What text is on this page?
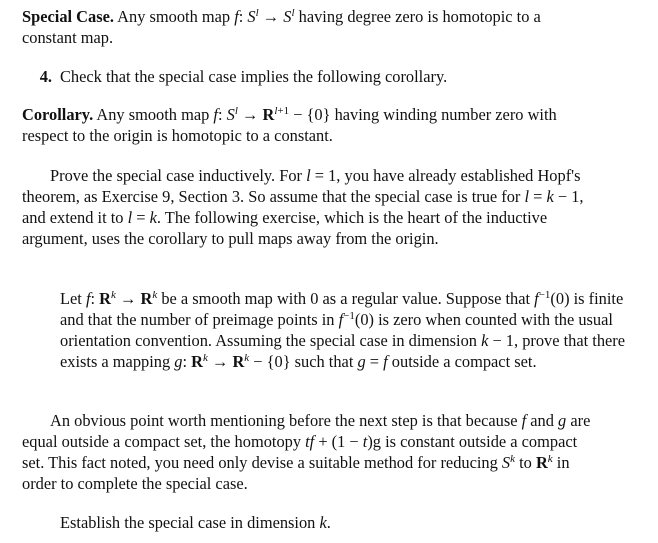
Special Case. Any smooth map f: $S^l \to S^l$ having degree zero is homotopic to a constant map.

4. Check that the special case implies the following corollary.

Corollary. Any smooth map f: $S^l \to R^{l+1} - \{0\}$ having winding number zero with respect to the origin is homotopic to a constant.

Prove the special case inductively. For l = 1, you have already established Hopf's theorem, as Exercise 9, Section 3. So assume that the special case is true for l = k − 1, and extend it to l = k. The following exercise, which is the heart of the inductive argument, uses the corollary to pull maps away from the origin.

Let f: $R^k \to R^k$ be a smooth map with 0 as a regular value. Suppose that $f^{-1}(0)$ is finite and that the number of preimage points in $f^{-1}(0)$ is zero when counted with the usual orientation convention. Assuming the special case in dimension k − 1, prove that there exists a mapping g: $R^k \to R^k - \{0\}$ such that g = f outside a compact set.

An obvious point worth mentioning before the next step is that because f and g are equal outside a compact set, the homotopy tf + (1 − t)g is constant outside a compact set. This fact noted, you need only devise a suitable method for reducing $S^k$ to $R^k$ in order to complete the special case.

Establish the special case in dimension k.
